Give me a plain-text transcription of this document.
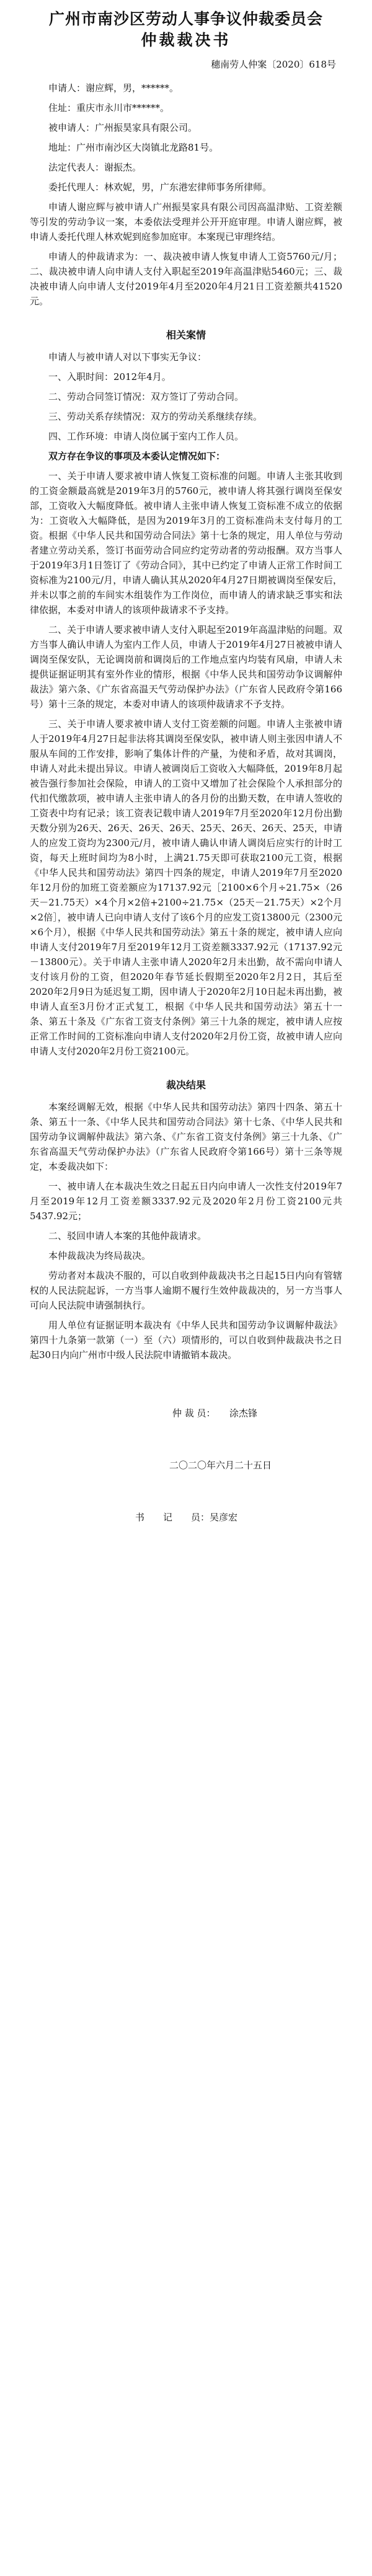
广州市南沙区劳动人事争议仲裁委员会
仲裁裁决书
穗南劳人仲案〔2020〕618号

申请人：谢应辉，男，******。

住址：重庆市永川市******。

被申请人：广州振昊家具有限公司。

地址：广州市南沙区大岗镇北龙路81号。

法定代表人：谢振杰。

委托代理人：林欢妮，男，广东港宏律师事务所律师。

申请人谢应辉与被申请人广州振昊家具有限公司因高温津贴、工资差额等引发的劳动争议一案，本委依法受理并公开开庭审理。申请人谢应辉，被申请人委托代理人林欢妮到庭参加庭审。本案现已审理终结。

申请人的仲裁请求为：一、裁决被申请人恢复申请人工资5760元/月；二、裁决被申请人向申请人支付入职起至2019年高温津贴5460元；三、裁决被申请人向申请人支付2019年4月至2020年4月21日工资差额共41520元。

相关案情

申请人与被申请人对以下事实无争议：

一、入职时间：2012年4月。

二、劳动合同签订情况：双方签订了劳动合同。

三、劳动关系存续情况：双方的劳动关系继续存续。

四、工作环境：申请人岗位属于室内工作人员。

双方存在争议的事项及本委认定情况如下：

一、关于申请人要求被申请人恢复工资标准的问题。申请人主张其收到的工资金额最高就是2019年3月的5760元，被申请人将其强行调岗至保安部，工资收入大幅度降低。被申请人主张申请人恢复工资标准不成立的依据为：工资收入大幅降低，是因为2019年3月的工资标准尚未支付每月的工资。根据《中华人民共和国劳动合同法》第十七条的规定，用人单位与劳动者建立劳动关系，签订书面劳动合同应约定劳动者的劳动报酬。双方当事人于2019年3月1日签订了《劳动合同》，其中已约定了申请人正常工作时间工资标准为2100元/月，申请人确认其从2020年4月27日期被调岗至保安后，并未以事之前的车间实木组装作为工作岗位，而申请人的请求缺乏事实和法律依据，本委对申请人的该项仲裁请求不予支持。

二、关于申请人要求被申请人支付入职起至2019年高温津贴的问题。双方当事人确认申请人为室内工作人员，申请人于2019年4月27日被被申请人调岗至保安队，无论调岗前和调岗后的工作地点室内均装有风扇，申请人未提供证据证明其有室外作业的情形，根据《中华人民共和国劳动争议调解仲裁法》第六条、《广东省高温天气劳动保护办法》（广东省人民政府令第166号）第十三条的规定，本委对申请人的该项仲裁请求不予支持。

三、关于申请人要求被申请人支付工资差额的问题。申请人主张被申请人于2019年4月27日起非法将其调岗至保安队，被申请人则主张因申请人不服从车间的工作安排，影响了集体计件的产量，为使和矛盾，故对其调岗，申请人对此未提出异议。申请人被调岗后工资收入大幅降低，2019年8月起被告强行参加社会保险，申请人的工资中又增加了社会保险个人承担部分的代扣代缴款项，被申请人主张申请人的各月份的出勤天数，在申请人签收的工资表中均有记录；该工资表记载申请人2019年7月至2020年12月份出勤天数分别为26天、26天、26天、26天、25天、26天、26天、25天，申请人的应发工资均为2300元/月，被申请人确认申请人调岗后应实行的计时工资，每天上班时间均为8小时，上满21.75天即可获取2100元工资，根据《中华人民共和国劳动法》第四十四条的规定，申请人2019年7月至2020年12月份的加班工资差额应为17137.92元［2100×6个月÷21.75×（26天－21.75天）×4个月×2倍+2100÷21.75×（25天－21.75天）×2个月×2倍］，被申请人已向申请人支付了该6个月的应发工资13800元（2300元×6个月），根据《中华人民共和国劳动法》第五十条的规定，被申请人应向申请人支付2019年7月至2019年12月工资差额3337.92元（17137.92元－13800元）。关于申请人主张申请人2020年2月未出勤，故不需向申请人支付该月份的工资，但2020年春节延长假期至2020年2月2日，其后至2020年2月9日为延迟复工期，因申请人于2020年2月10日起未再出勤，被申请人直至3月份才正式复工，根据《中华人民共和国劳动法》第五十一条、第五十条及《广东省工资支付条例》第三十九条的规定，被申请人应按正常工作时间的工资标准向申请人支付2020年2月份工资，故被申请人应向申请人支付2020年2月份工资2100元。

裁决结果

本案经调解无效，根据《中华人民共和国劳动法》第四十四条、第五十条、第五十一条、《中华人民共和国劳动合同法》第十七条、《中华人民共和国劳动争议调解仲裁法》第六条、《广东省工资支付条例》第三十九条、《广东省高温天气劳动保护办法》（广东省人民政府令第166号）第十三条等规定，本委裁决如下：

一、被申请人在本裁决生效之日起五日内向申请人一次性支付2019年7月至2019年12月工资差额3337.92元及2020年2月份工资2100元共5437.92元；

二、驳回申请人本案的其他仲裁请求。

本仲裁裁决为终局裁决。

劳动者对本裁决不服的，可以自收到仲裁裁决书之日起15日内向有管辖权的人民法院起诉，一方当事人逾期不履行生效仲裁裁决的，另一方当事人可向人民法院申请强制执行。

用人单位有证据证明本裁决有《中华人民共和国劳动争议调解仲裁法》第四十九条第一款第（一）至（六）项情形的，可以自收到仲裁裁决书之日起30日内向广州市中级人民法院申请撤销本裁决。

仲 裁 员： 涂杰锋
二〇二〇年六月二十五日
书　　记　　员：吴彦宏
